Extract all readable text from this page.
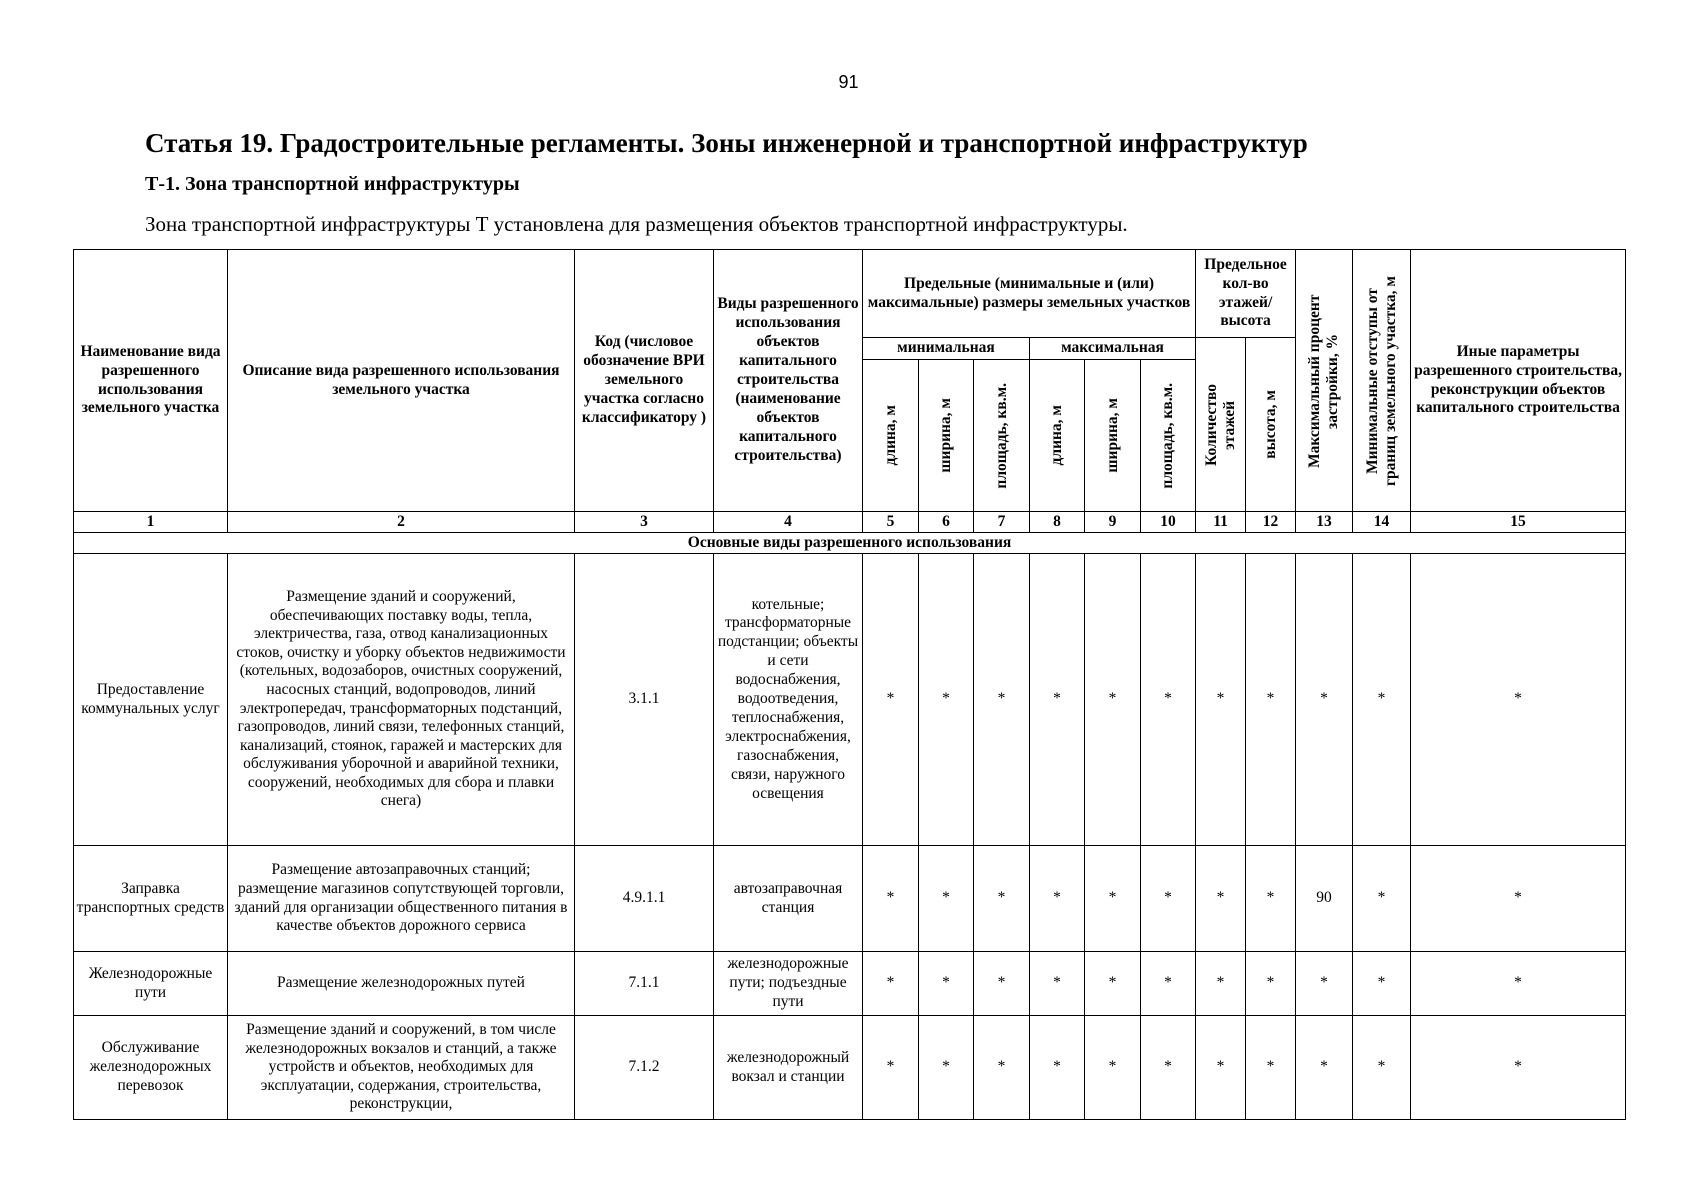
91
Статья 19. Градостроительные регламенты. Зоны инженерной и транспортной инфраструктур
Т-1. Зона транспортной инфраструктуры

Зона транспортной инфраструктуры Т установлена для размещения объектов транспортной инфраструктуры.

Наименование вида разрешенного использования земельного участка	Описание вида разрешенного использования земельного участка	Код (числовое обозначение ВРИ земельного участка согласно классификатору )	Виды разрешенного использования объектов капитального строительства (наименование объектов капитального строительства)	Предельные (минимальные и (или) максимальные) размеры земельных участков						Предельное кол-во этажей/ высота		Максимальный процент застройки, %	Минимальные отступы от границ земельного участка, м	Иные параметры разрешенного строительства, реконструкции объектов капитального строительства
				минимальная			максимальная			Количество этажей	высота, м			

				длина, м	ширина, м	площадь, кв.м.	длина, м	ширина, м	площадь, кв.м.					

1	2	3	4	5	6	7	8	9	10	11	12	13	14	15
Основные виды разрешенного использования														
Предоставление коммунальных услуг	Размещение зданий и сооружений, обеспечивающих поставку воды, тепла, электричества, газа, отвод канализационных стоков, очистку и уборку объектов недвижимости (котельных, водозаборов, очистных сооружений, насосных станций, водопроводов, линий электропередач, трансформаторных подстанций, газопроводов, линий связи, телефонных станций, канализаций, стоянок, гаражей и мастерских для обслуживания уборочной и аварийной техники, сооружений, необходимых для сбора и плавки снега)	3.1.1	котельные; трансформаторные подстанции; объекты и сети водоснабжения, водоотведения, теплоснабжения, электроснабжения, газоснабжения, связи, наружного освещения	*	*	*	*	*	*	*	*	*	*	*
Заправка транспортных средств	Размещение автозаправочных станций; размещение магазинов сопутствующей торговли, зданий для организации общественного питания в качестве объектов дорожного сервиса	4.9.1.1	автозаправочная станция	*	*	*	*	*	*	*	*	90	*	*
Железнодорожные пути	Размещение железнодорожных путей	7.1.1	железнодорожные пути; подъездные пути	*	*	*	*	*	*	*	*	*	*	*
Обслуживание железнодорожных перевозок	Размещение зданий и сооружений, в том числе железнодорожных вокзалов и станций, а также устройств и объектов, необходимых для эксплуатации, содержания, строительства, реконструкции,	7.1.2	железнодорожный вокзал и станции	*	*	*	*	*	*	*	*	*	*	*
